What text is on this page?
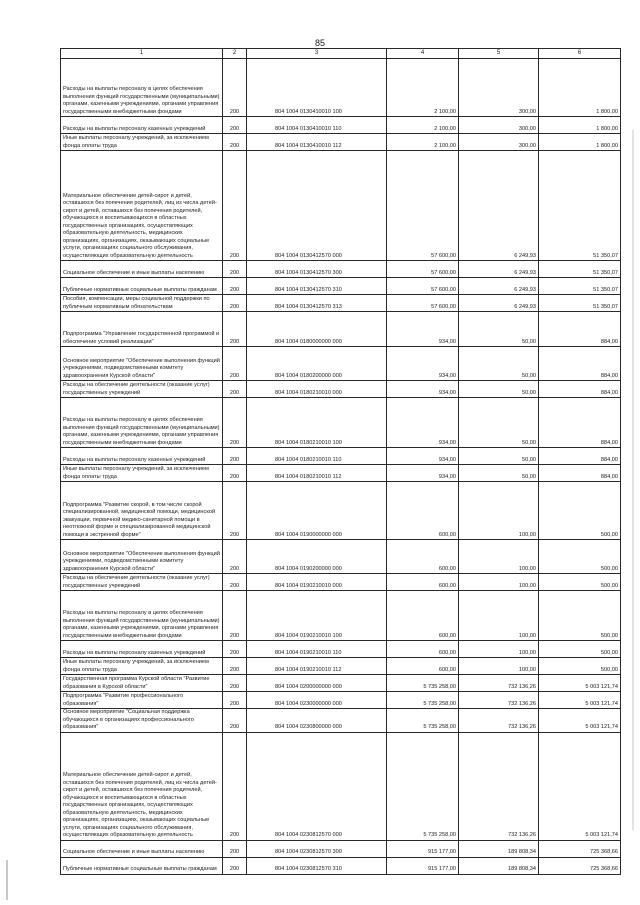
85
1	2	3	4	5	6
Расходы на выплаты персоналу в целях обеспечения выполнения функций государственными (муниципальными) органами, казенными учреждениями, органами управления государственными внебюджетными фондами	200	804 1004 0130410010 100	2 100,00	300,00	1 800,00
Расходы на выплаты персоналу казенных учреждений	200	804 1004 0130410010 110	2 100,00	300,00	1 800,00
Иные выплаты персоналу учреждений, за исключением фонда оплаты труда	200	804 1004 0130410010 112	2 100,00	300,00	1 800,00
Материальное обеспечение детей-сирот и детей, оставшихся без попечения родителей, лиц из числа детей-сирот и детей, оставшихся без попечения родителей, обучающихся и воспитывающихся в областных государственных организациях, осуществляющих образовательную деятельность, медицинских организациях, организациях, оказывающих социальные услуги, организациях социального обслуживания, осуществляющих образовательную деятельность	200	804 1004 0130412570 000	57 600,00	6 249,93	51 350,07
Социальное обеспечение и иные выплаты населению	200	804 1004 0130412570 300	57 600,00	6 249,93	51 350,07
Публичные нормативные социальные выплаты гражданам	200	804 1004 0130412570 310	57 600,00	6 249,93	51 350,07
Пособия, компенсации, меры социальной поддержки по публичным нормативным обязательствам	200	804 1004 0130412570 313	57 600,00	6 249,93	51 350,07
Подпрограмма "Управление государственной программой и обеспечение условий реализации"	200	804 1004 0180000000 000	934,00	50,00	884,00
Основное мероприятие "Обеспечение выполнения функций учреждениями, подведомственными комитету здравоохранения Курской области"	200	804 1004 0180200000 000	934,00	50,00	884,00
Расходы на обеспечение деятельности (оказание услуг) государственных учреждений	200	804 1004 0180210010 000	934,00	50,00	884,00
Расходы на выплаты персоналу в целях обеспечения выполнения функций государственными (муниципальными) органами, казенными учреждениями, органами управления государственными внебюджетными фондами	200	804 1004 0180210010 100	934,00	50,00	884,00
Расходы на выплаты персоналу казенных учреждений	200	804 1004 0180210010 110	934,00	50,00	884,00
Иные выплаты персоналу учреждений, за исключением фонда оплаты труда	200	804 1004 0180210010 112	934,00	50,00	884,00
Подпрограмма "Развитие скорой, в том числе скорой специализированной, медицинской помощи, медицинской эвакуации, первичной медико-санитарной помощи в неотложной форме и специализированной медицинской помощи в экстренной форме"	200	804 1004 0190000000 000	600,00	100,00	500,00
Основное мероприятие "Обеспечение выполнения функций учреждениями, подведомственными комитету здравоохранения Курской области"	200	804 1004 0190200000 000	600,00	100,00	500,00
Расходы на обеспечение деятельности (оказание услуг) государственных учреждений	200	804 1004 0190210010 000	600,00	100,00	500,00
Расходы на выплаты персоналу в целях обеспечения выполнения функций государственными (муниципальными) органами, казенными учреждениями, органами управления государственными внебюджетными фондами	200	804 1004 0190210010 100	600,00	100,00	500,00
Расходы на выплаты персоналу казенных учреждений	200	804 1004 0190210010 110	600,00	100,00	500,00
Иные выплаты персоналу учреждений, за исключением фонда оплаты труда	200	804 1004 0190210010 112	600,00	100,00	500,00
Государственная программа Курской области "Развитие образования в Курской области"	200	804 1004 0200000000 000	5 735 258,00	732 136,26	5 003 121,74
Подпрограмма "Развитие профессионального образования"	200	804 1004 0230000000 000	5 735 258,00	732 136,26	5 003 121,74
Основное мероприятие "Социальная поддержка обучающихся в организациях профессионального образования"	200	804 1004 0230800000 000	5 735 258,00	732 136,26	5 003 121,74
Материальное обеспечение детей-сирот и детей, оставшихся без попечения родителей, лиц из числа детей-сирот и детей, оставшихся без попечения родителей, обучающихся и воспитывающихся в областных государственных организациях, осуществляющих образовательную деятельность, медицинских организациях, организациях, оказывающих социальные услуги, организациях социального обслуживания, осуществляющих образовательную деятельность	200	804 1004 0230812570 000	5 735 258,00	732 136,26	5 003 121,74
Социальное обеспечение и иные выплаты населению	200	804 1004 0230812570 300	915 177,00	189 808,34	725 368,66
Публичные нормативные социальные выплаты гражданам	200	804 1004 0230812570 310	915 177,00	189 808,34	725 368,66
